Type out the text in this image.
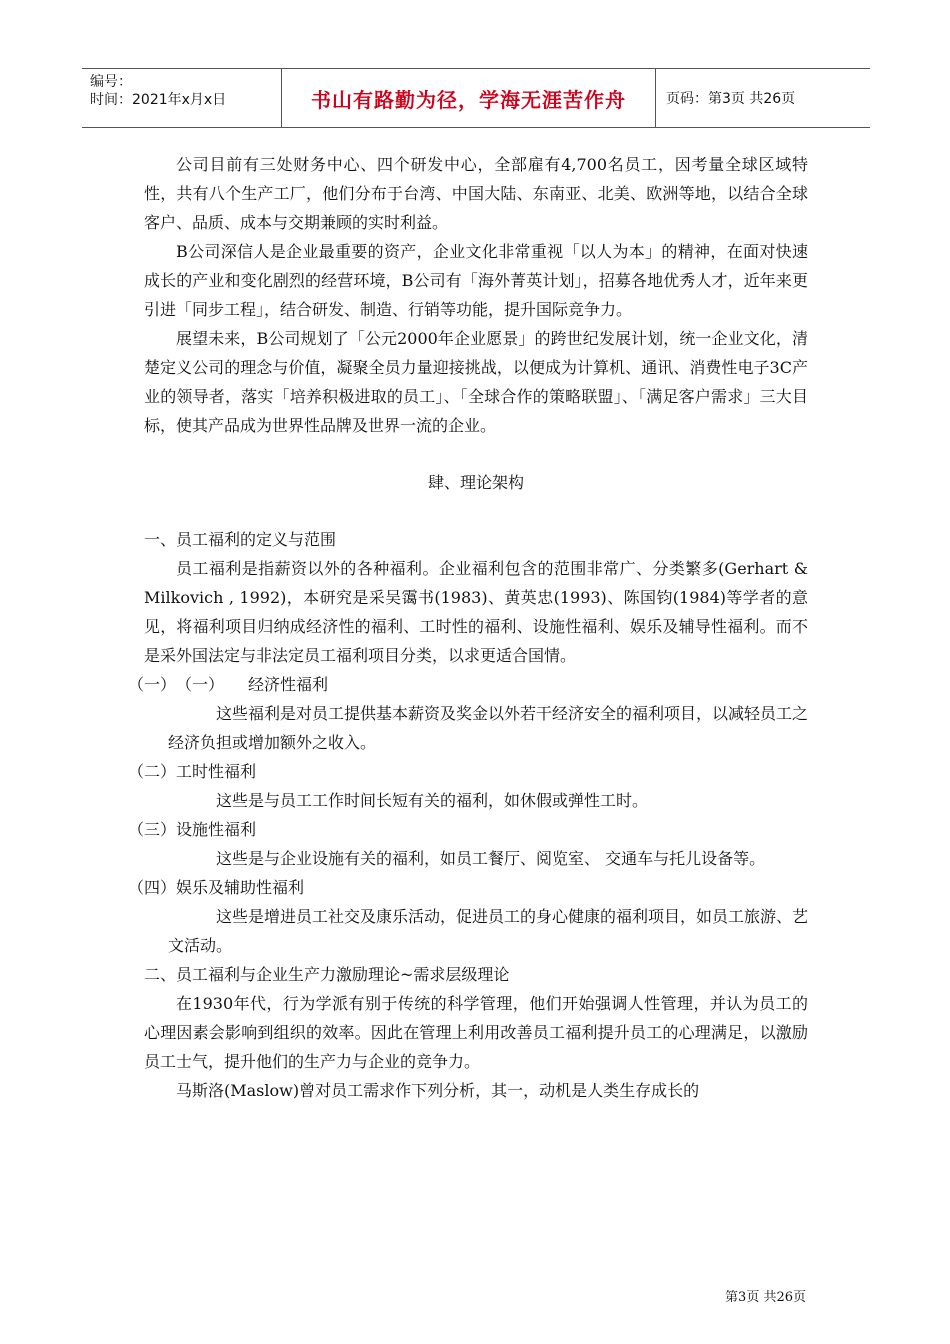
编号：
时间：2021年x月x日	书山有路勤为径，学海无涯苦作舟	页码：第3页 共26页

公司目前有三处财务中心、四个研发中心，全部雇有4,700名员工，因考量全球区域特性，共有八个生产工厂，他们分布于台湾、中国大陆、东南亚、北美、欧洲等地，以结合全球客户、品质、成本与交期兼顾的实时利益。

B公司深信人是企业最重要的资产，企业文化非常重视「以人为本」的精神，在面对快速成长的产业和变化剧烈的经营环境，B公司有「海外菁英计划」，招募各地优秀人才，近年来更引进「同步工程」，结合研发、制造、行销等功能，提升国际竞争力。

展望未来，B公司规划了「公元2000年企业愿景」的跨世纪发展计划，统一企业文化，清楚定义公司的理念与价值，凝聚全员力量迎接挑战，以便成为计算机、通讯、消费性电子3C产业的领导者，落实「培养积极进取的员工」、「全球合作的策略联盟」、「满足客户需求」三大目标，使其产品成为世界性品牌及世界一流的企业。

肆、理论架构

一、员工福利的定义与范围

员工福利是指薪资以外的各种福利。企业福利包含的范围非常广、分类繁多(Gerhart & Milkovich , 1992)，本研究是采吴霭书(1983)、黄英忠(1993)、陈国钧(1984)等学者的意见，将福利项目归纳成经济性的福利、工时性的福利、设施性福利、娱乐及辅导性福利。而不是采外国法定与非法定员工福利项目分类，以求更适合国情。

（一）　（一）　　经济性福利

这些福利是对员工提供基本薪资及奖金以外若干经济安全的福利项目，以减轻员工之经济负担或增加额外之收入。

（二）工时性福利

这些是与员工工作时间长短有关的福利，如休假或弹性工时。

（三）设施性福利

这些是与企业设施有关的福利，如员工餐厅、阅览室、 交通车与托儿设备等。

（四）娱乐及辅助性福利

这些是增进员工社交及康乐活动，促进员工的身心健康的福利项目，如员工旅游、艺文活动。

二、员工福利与企业生产力激励理论~需求层级理论

在1930年代，行为学派有别于传统的科学管理，他们开始强调人性管理，并认为员工的心理因素会影响到组织的效率。因此在管理上利用改善员工福利提升员工的心理满足，以激励员工士气，提升他们的生产力与企业的竞争力。

马斯洛(Maslow)曾对员工需求作下列分析，其一，动机是人类生存成长的

第3页 共26页
